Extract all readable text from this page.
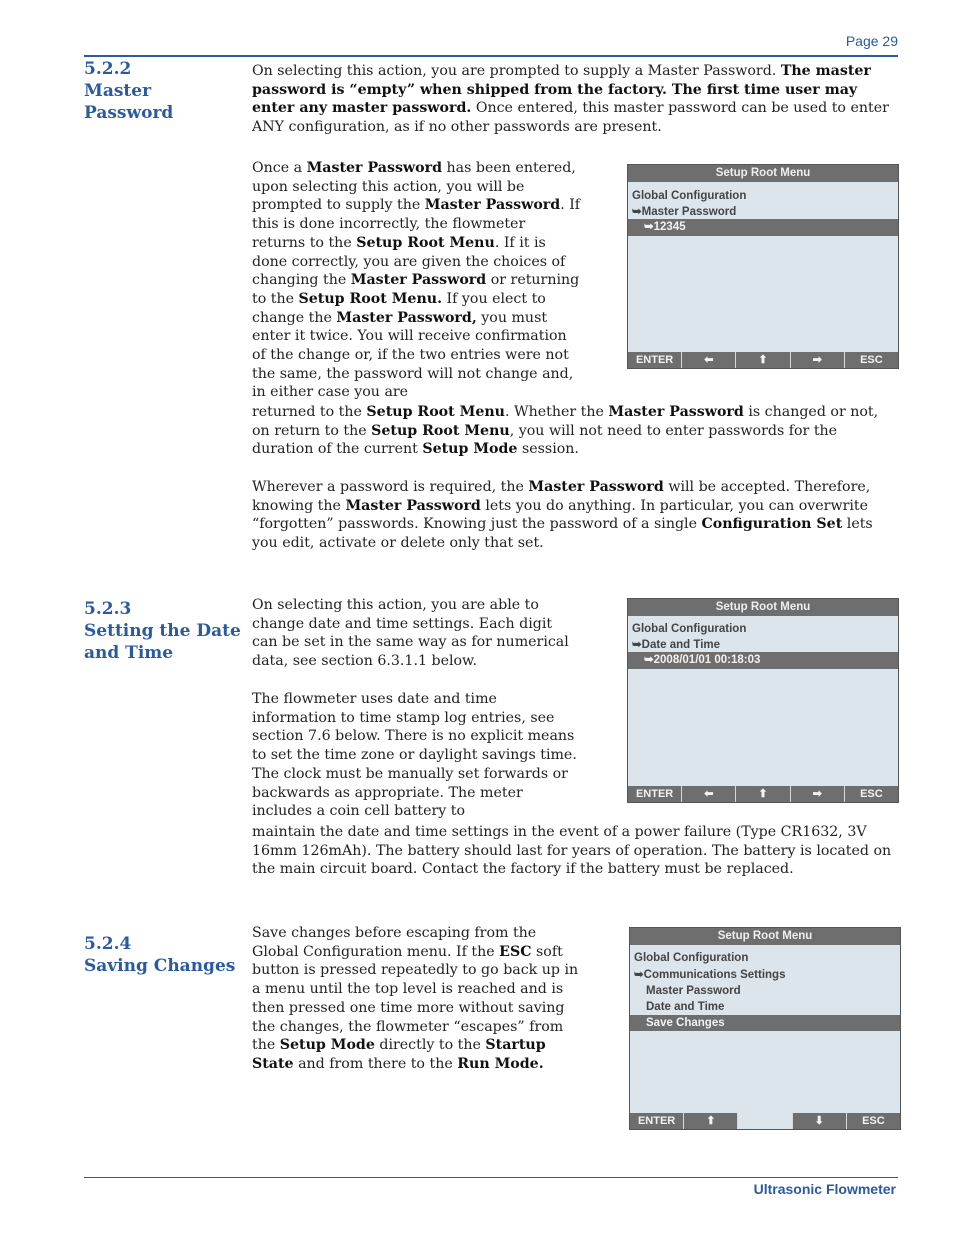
Page 29
5.2.2
Master
Password

On selecting this action, you are prompted to supply a Master Password. The master password is “empty” when shipped from the factory. The first time user may enter any master password. Once entered, this master password can be used to enter ANY configuration, as if no other passwords are present.

Once a Master Password has been entered, upon selecting this action, you will be prompted to supply the Master Password. If this is done incorrectly, the flowmeter returns to the Setup Root Menu. If it is done correctly, you are given the choices of changing the Master Password or returning to the Setup Root Menu. If you elect to change the Master Password, you must enter it twice. You will receive confirmation of the change or, if the two entries were not the same, the password will not change and, in either case you are

returned to the Setup Root Menu. Whether the Master Password is changed or not, on return to the Setup Root Menu, you will not need to enter passwords for the duration of the current Setup Mode session.

Wherever a password is required, the Master Password will be accepted. Therefore, knowing the Master Password lets you do anything. In particular, you can overwrite “forgotten” passwords. Knowing just the password of a single Configuration Set lets you edit, activate or delete only that set.

Setup Root Menu
Global Configuration
➥Master Password
➥12345
ENTER	⬅	⬆	➡	ESC
5.2.3
Setting the Date
and Time

On selecting this action, you are able to change date and time settings. Each digit can be set in the same way as for numerical data, see section 6.3.1.1 below.

The flowmeter uses date and time information to time stamp log entries, see section 7.6 below. There is no explicit means to set the time zone or daylight savings time. The clock must be manually set forwards or backwards as appropriate. The meter includes a coin cell battery to

maintain the date and time settings in the event of a power failure (Type CR1632, 3V 16mm 126mAh). The battery should last for years of operation. The battery is located on the main circuit board. Contact the factory if the battery must be replaced.

Setup Root Menu
Global Configuration
➥Date and Time
➥2008/01/01 00:18:03
ENTER	⬅	⬆	➡	ESC
5.2.4
Saving Changes

Save changes before escaping from the Global Configuration menu. If the ESC soft button is pressed repeatedly to go back up in a menu until the top level is reached and is then pressed one time more without saving the changes, the flowmeter “escapes” from the Setup Mode directly to the Startup State and from there to the Run Mode.

Setup Root Menu
Global Configuration
➥Communications Settings
Master Password
Date and Time
Save Changes
ENTER	⬆	⬇	ESC
Ultrasonic Flowmeter
